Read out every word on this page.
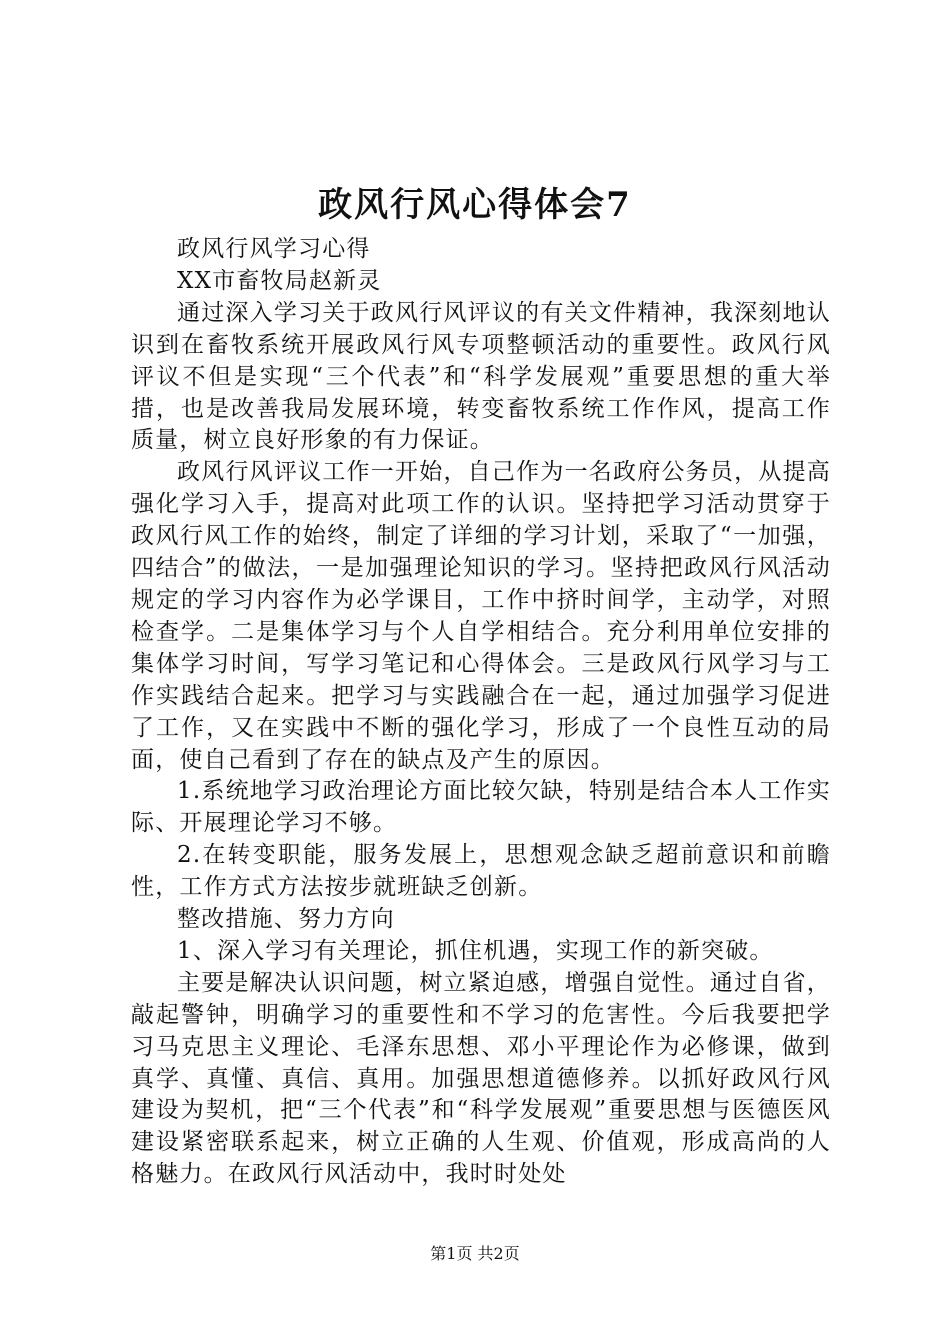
政风行风心得体会7

政风行风学习心得

XX市畜牧局赵新灵

通过深入学习关于政风行风评议的有关文件精神，我深刻地认识到在畜牧系统开展政风行风专项整顿活动的重要性。政风行风评议不但是实现“三个代表”和“科学发展观”重要思想的重大举措，也是改善我局发展环境，转变畜牧系统工作作风，提高工作质量，树立良好形象的有力保证。

政风行风评议工作一开始，自己作为一名政府公务员，从提高强化学习入手，提高对此项工作的认识。坚持把学习活动贯穿于政风行风工作的始终，制定了详细的学习计划，采取了“一加强，四结合”的做法，一是加强理论知识的学习。坚持把政风行风活动规定的学习内容作为必学课目，工作中挤时间学，主动学，对照检查学。二是集体学习与个人自学相结合。充分利用单位安排的集体学习时间，写学习笔记和心得体会。三是政风行风学习与工作实践结合起来。把学习与实践融合在一起，通过加强学习促进了工作，又在实践中不断的强化学习，形成了一个良性互动的局面，使自己看到了存在的缺点及产生的原因。

1.系统地学习政治理论方面比较欠缺，特别是结合本人工作实际、开展理论学习不够。

2.在转变职能，服务发展上，思想观念缺乏超前意识和前瞻性，工作方式方法按步就班缺乏创新。

整改措施、努力方向

1、深入学习有关理论，抓住机遇，实现工作的新突破。

主要是解决认识问题，树立紧迫感，增强自觉性。通过自省，敲起警钟，明确学习的重要性和不学习的危害性。今后我要把学习马克思主义理论、毛泽东思想、邓小平理论作为必修课，做到真学、真懂、真信、真用。加强思想道德修养。以抓好政风行风建设为契机，把“三个代表”和“科学发展观”重要思想与医德医风建设紧密联系起来，树立正确的人生观、价值观，形成高尚的人格魅力。在政风行风活动中，我时时处处

第1页 共2页
